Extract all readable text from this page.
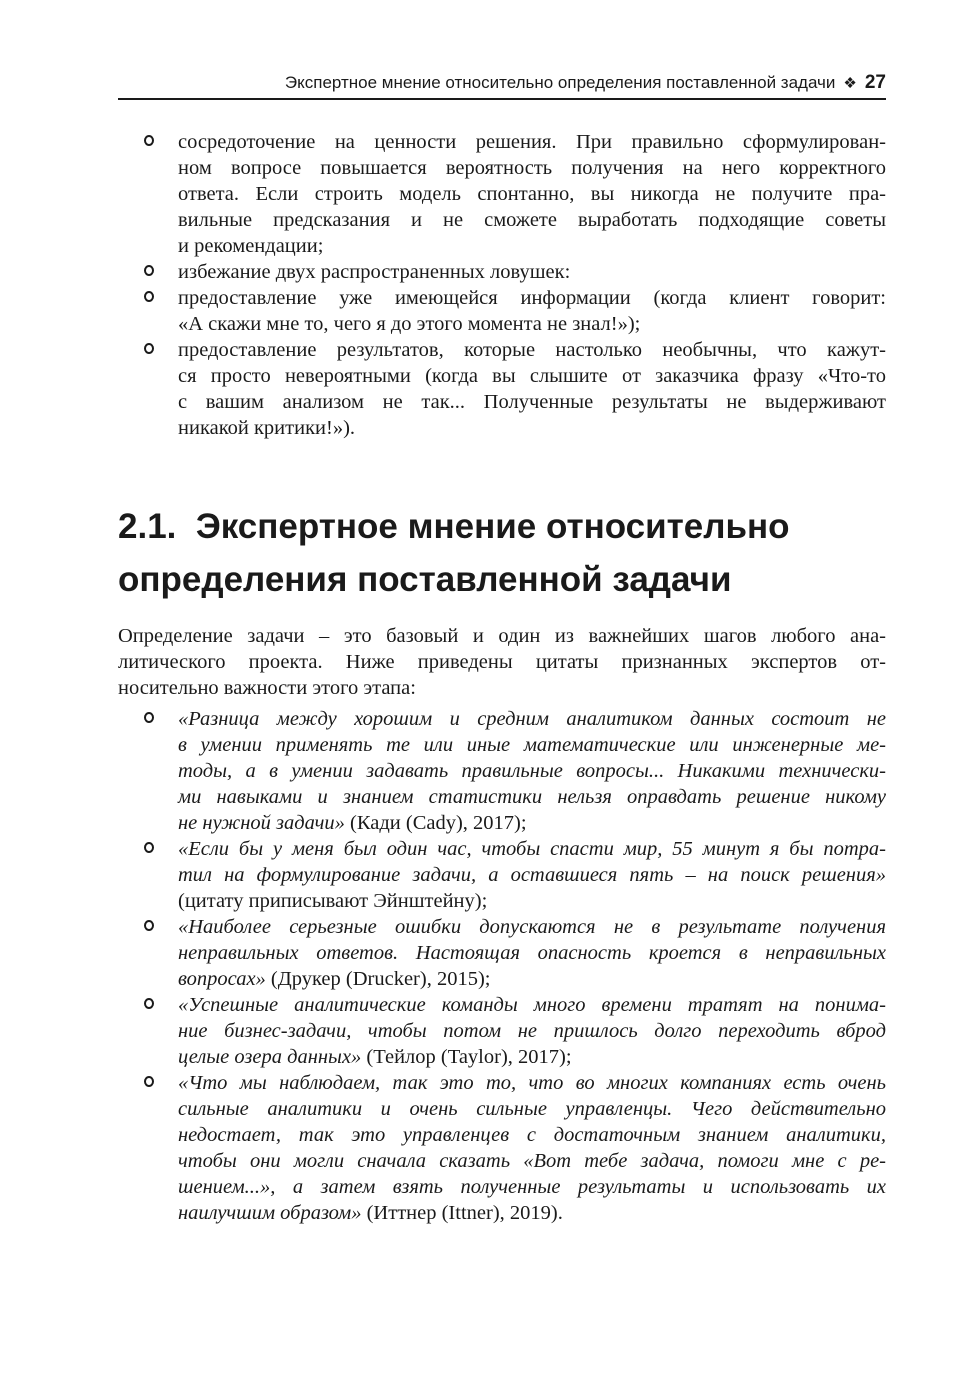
Экспертное мнение относительно определения поставленной задачи ❖ 27
сосредоточение на ценности решения. При правильно сформулирован-
ном вопросе повышается вероятность получения на него корректного
ответа. Если строить модель спонтанно, вы никогда не получите пра-
вильные предсказания и не сможете выработать подходящие советы
и рекомендации;
избежание двух распространенных ловушек:
предоставление уже имеющейся информации (когда клиент говорит:
«А скажи мне то, чего я до этого момента не знал!»);
предоставление результатов, которые настолько необычны, что кажут-
ся просто невероятными (когда вы слышите от заказчика фразу «Что-то
с вашим анализом не так... Полученные результаты не выдерживают
никакой критики!»).
2.1.  Экспертное мнение относительно
определения поставленной задачи
Определение задачи – это базовый и один из важнейших шагов любого ана-
литического проекта. Ниже приведены цитаты признанных экспертов от-
носительно важности этого этапа:
«Разница между хорошим и средним аналитиком данных состоит не
в умении применять те или иные математические или инженерные ме-
тоды, а в умении задавать правильные вопросы... Никакими технически-
ми навыками и знанием статистики нельзя оправдать решение никому
не нужной задачи» (Кади (Cady), 2017);
«Если бы у меня был один час, чтобы спасти мир, 55 минут я бы потра-
тил на формулирование задачи, а оставшиеся пять – на поиск решения»
(цитату приписывают Эйнштейну);
«Наиболее серьезные ошибки допускаются не в результате получения
неправильных ответов. Настоящая опасность кроется в неправильных
вопросах» (Друкер (Drucker), 2015);
«Успешные аналитические команды много времени тратят на понима-
ние бизнес-задачи, чтобы потом не пришлось долго переходить вброд
целые озера данных» (Тейлор (Taylor), 2017);
«Что мы наблюдаем, так это то, что во многих компаниях есть очень
сильные аналитики и очень сильные управленцы. Чего действительно
недостает, так это управленцев с достаточным знанием аналитики,
чтобы они могли сначала сказать «Вот тебе задача, помоги мне с ре-
шением...», а затем взять полученные результаты и использовать их
наилучшим образом» (Иттнер (Ittner), 2019).
